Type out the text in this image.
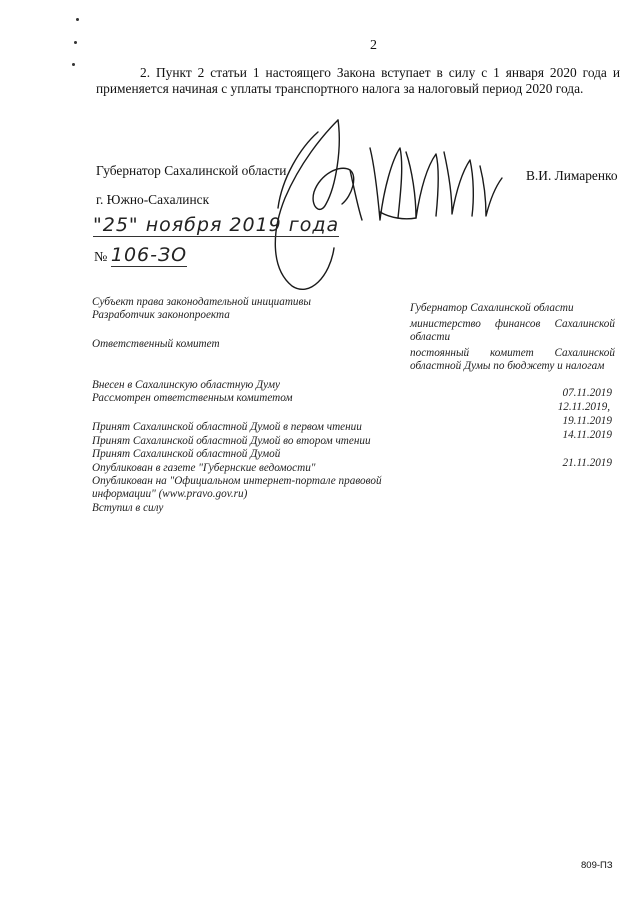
2
2. Пункт 2 статьи 1 настоящего Закона вступает в силу с 1 января 2020 года и применяется начиная с уплаты транспортного налога за налоговый период 2020 года.
Губернатор Сахалинской области	В.И. Лимаренко
г. Южно-Сахалинск
"25" ноября 2019 года
№ 106-ЗО
Субъект права законодательной инициативы
Разработчик законопроекта
Ответственный комитет
Внесен в Сахалинскую областную Думу
Рассмотрен ответственным комитетом
Принят Сахалинской областной Думой в первом чтении
Принят Сахалинской областной Думой во втором чтении
Принят Сахалинской областной Думой
Опубликован в газете "Губернские ведомости"
Опубликован на "Официальном интернет-портале правовой информации" (www.pravo.gov.ru)
Вступил в силу
Губернатор Сахалинской области
министерство финансов Сахалинской области
постоянный комитет Сахалинской областной Думы по бюджету и налогам
07.11.2019
12.11.2019,
19.11.2019
14.11.2019
21.11.2019
809-ПЗ
